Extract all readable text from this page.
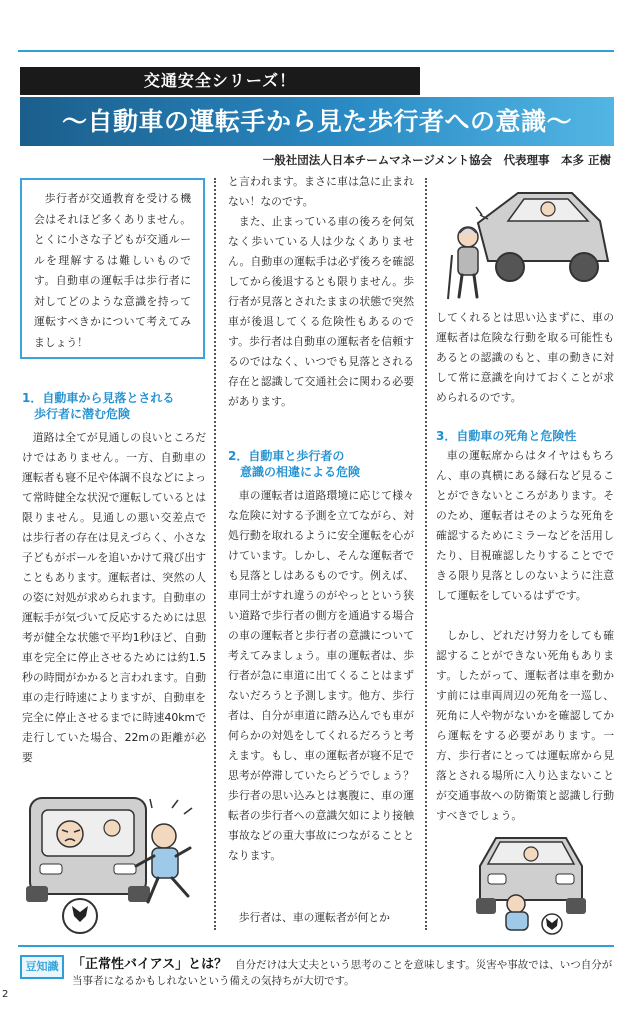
交通安全シリーズ！
〜自動車の運転手から見た歩行者への意識〜
一般社団法人日本チームマネージメント協会　代表理事　本多 正樹

歩行者が交通教育を受ける機会はそれほど多くありません。とくに小さな子どもが交通ルールを理解するは難しいものです。自動車の運転手は歩行者に対してどのような意識を持って運転すべきかについて考えてみましょう！

1．自動車から見落とされる
歩行者に潜む危険

道路は全てが見通しの良いところだけではありません。一方、自動車の運転者も寝不足や体調不良などによって常時健全な状況で運転しているとは限りません。見通しの悪い交差点では歩行者の存在は見えづらく、小さな子どもがボールを追いかけて飛び出すこともあります。運転者は、突然の人の姿に対処が求められます。自動車の運転手が気づいて反応するためには思考が健全な状態で平均1秒ほど、自動車を完全に停止させるためには約1.5秒の時間がかかると言われます。自動車の走行時速によりますが、自動車を完全に停止させるまでに時速40kmで走行していた場合、22mの距離が必要

と言われます。まさに車は急に止まれない！なのです。

また、止まっている車の後ろを何気なく歩いている人は少なくありません。自動車の運転手は必ず後ろを確認してから後退するとも限りません。歩行者が見落とされたままの状態で突然車が後退してくる危険性もあるのです。歩行者は自動車の運転者を信頼するのではなく、いつでも見落とされる存在と認識して交通社会に関わる必要があります。

2．自動車と歩行者の
意識の相違による危険

車の運転者は道路環境に応じて様々な危険に対する予測を立てながら、対処行動を取れるように安全運転を心がけています。しかし、そんな運転者でも見落としはあるものです。例えば、車同士がすれ違うのがやっとという狭い道路で歩行者の側方を通過する場合の車の運転者と歩行者の意識について考えてみましょう。車の運転者は、歩行者が急に車道に出てくることはまずないだろうと予測します。他方、歩行者は、自分が車道に踏み込んでも車が何らかの対処をしてくれるだろうと考えます。もし、車の運転者が寝不足で思考が停滞していたらどうでしょう？　歩行者の思い込みとは裏腹に、車の運転者の歩行者への意識欠如により接触事故などの重大事故につながることとなります。

歩行者は、車の運転者が何とか

してくれるとは思い込まずに、車の運転者は危険な行動を取る可能性もあるとの認識のもと、車の動きに対して常に意識を向けておくことが求められるのです。

3．自動車の死角と危険性

車の運転席からはタイヤはもちろん、車の真横にある縁石など見ることができないところがあります。そのため、運転者はそのような死角を確認するためにミラーなどを活用したり、目視確認したりすることでできる限り見落としのないように注意して運転をしているはずです。

しかし、どれだけ努力をしても確認することができない死角もあります。したがって、運転者は車を動かす前には車両周辺の死角を一巡し、死角に人や物がないかを確認してから運転をする必要があります。一方、歩行者にとっては運転席から見落とされる場所に入り込まないことが交通事故への防衛策と認識し行動すべきでしょう。

豆知識	「正常性バイアス」とは？ 自分だけは大丈夫という思考のことを意味します。災害や事故では、いつ自分が当事者になるかもしれないという備えの気持ちが大切です。

2
